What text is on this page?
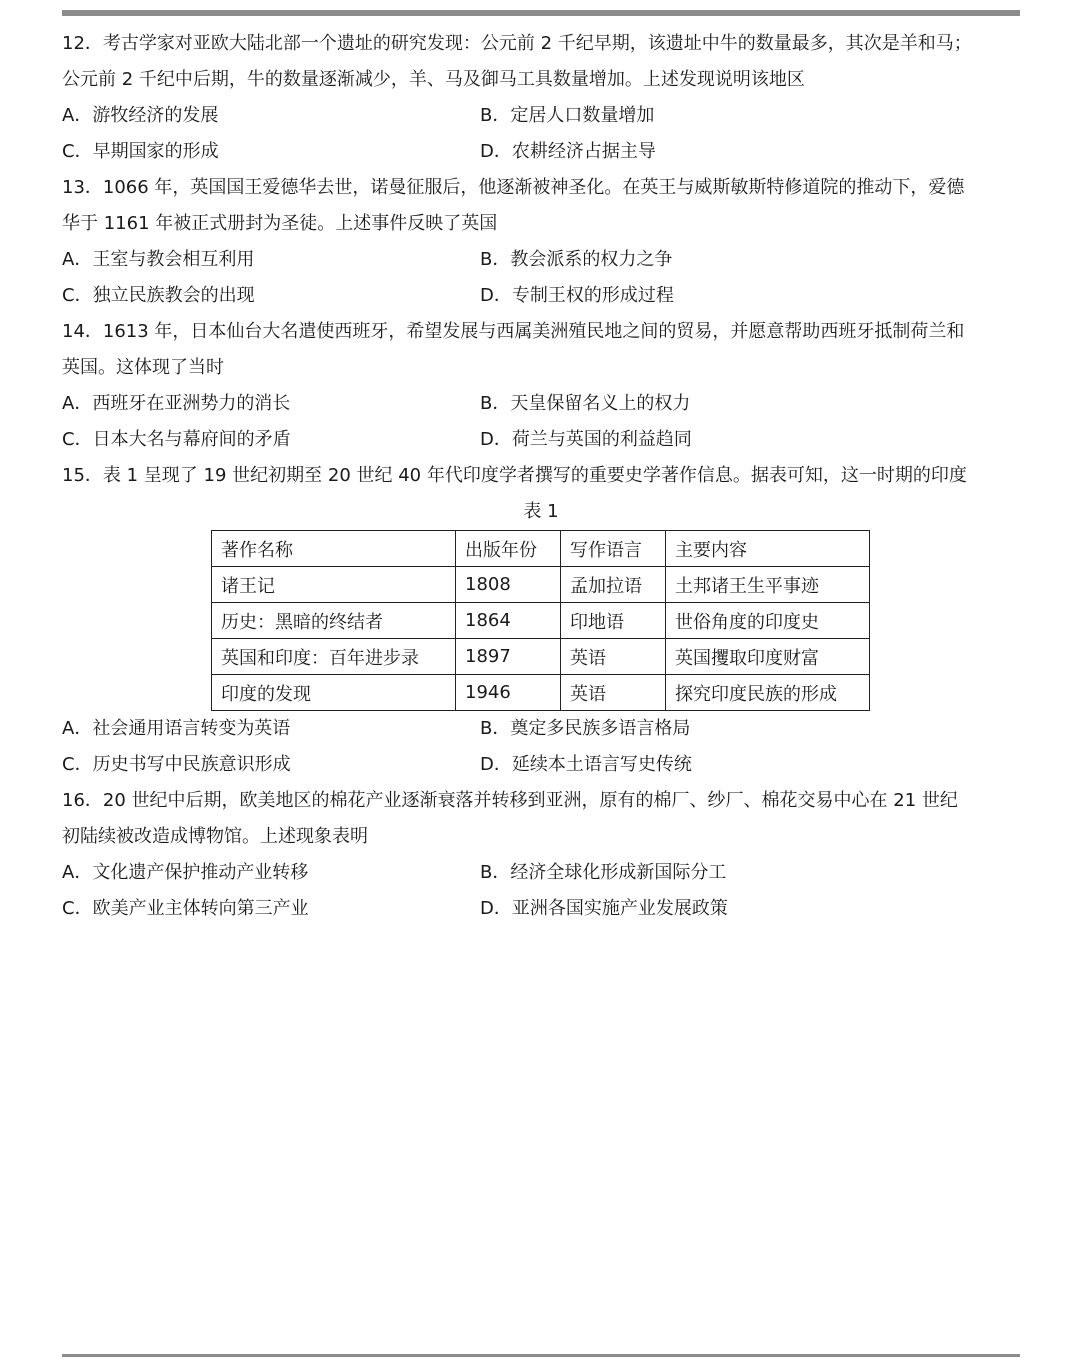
12．考古学家对亚欧大陆北部一个遗址的研究发现：公元前 2 千纪早期，该遗址中牛的数量最多，其次是羊和马；
公元前 2 千纪中后期，牛的数量逐渐减少，羊、马及御马工具数量增加。上述发现说明该地区
A．游牧经济的发展	B．定居人口数量增加
C．早期国家的形成	D．农耕经济占据主导
13．1066 年，英国国王爱德华去世，诺曼征服后，他逐渐被神圣化。在英王与威斯敏斯特修道院的推动下，爱德
华于 1161 年被正式册封为圣徒。上述事件反映了英国
A．王室与教会相互利用	B．教会派系的权力之争
C．独立民族教会的出现	D．专制王权的形成过程
14．1613 年，日本仙台大名遣使西班牙，希望发展与西属美洲殖民地之间的贸易，并愿意帮助西班牙抵制荷兰和
英国。这体现了当时
A．西班牙在亚洲势力的消长	B．天皇保留名义上的权力
C．日本大名与幕府间的矛盾	D．荷兰与英国的利益趋同
15．表 1 呈现了 19 世纪初期至 20 世纪 40 年代印度学者撰写的重要史学著作信息。据表可知，这一时期的印度
表 1
著作名称	出版年份	写作语言	主要内容
诸王记	1808	孟加拉语	土邦诸王生平事迹
历史：黑暗的终结者	1864	印地语	世俗角度的印度史
英国和印度：百年进步录	1897	英语	英国攫取印度财富
印度的发现	1946	英语	探究印度民族的形成
A．社会通用语言转变为英语	B．奠定多民族多语言格局
C．历史书写中民族意识形成	D．延续本土语言写史传统
16．20 世纪中后期，欧美地区的棉花产业逐渐衰落并转移到亚洲，原有的棉厂、纱厂、棉花交易中心在 21 世纪
初陆续被改造成博物馆。上述现象表明
A．文化遗产保护推动产业转移	B．经济全球化形成新国际分工
C．欧美产业主体转向第三产业	D．亚洲各国实施产业发展政策
